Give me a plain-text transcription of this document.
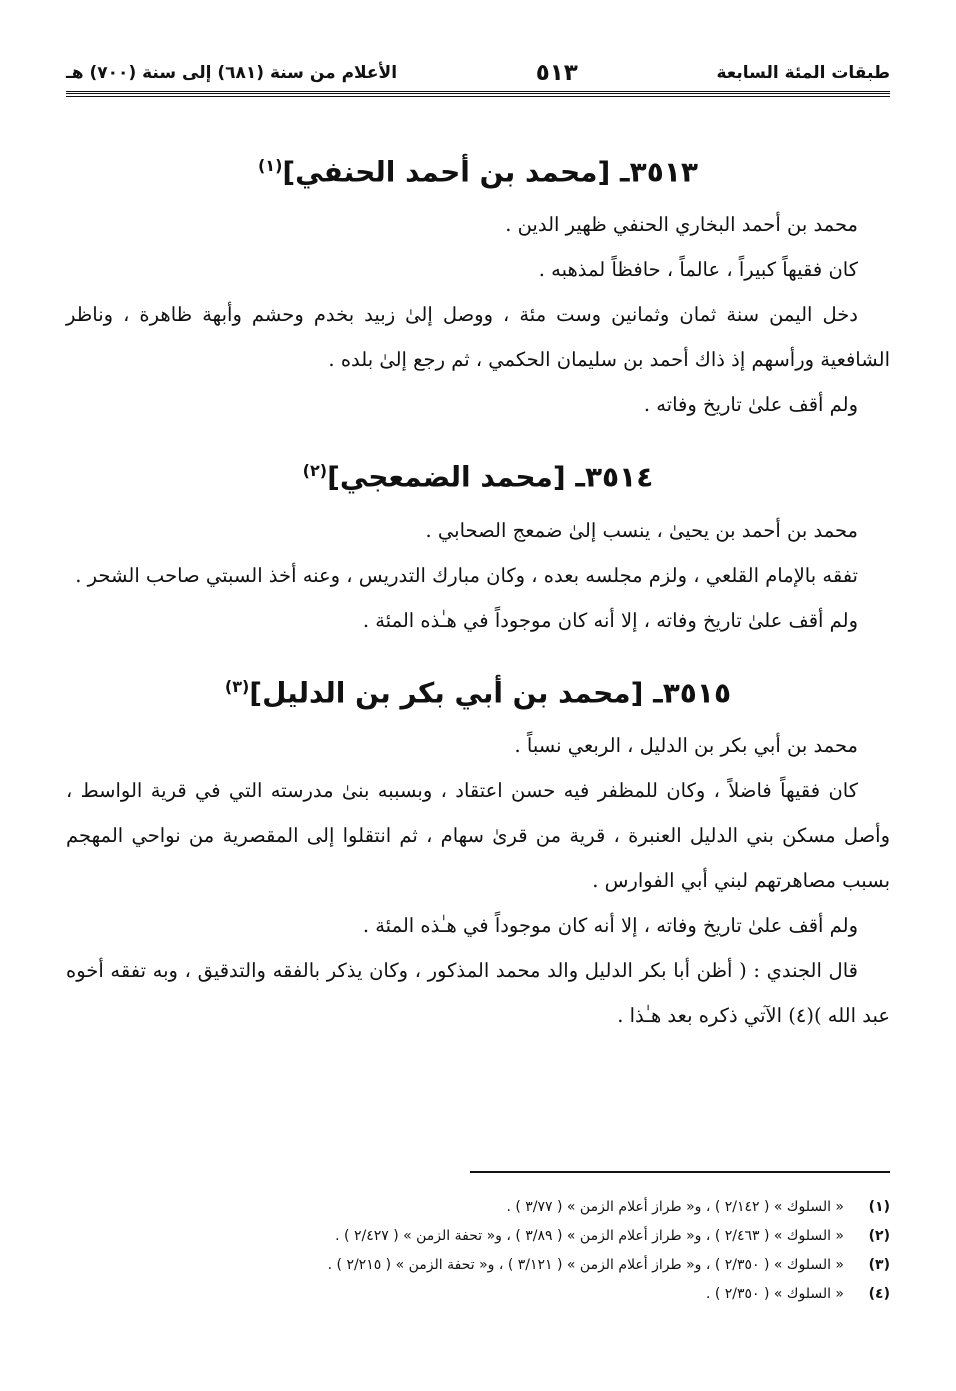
طبقات المئة السابعة
٥١٣
الأعلام من سنة (٦٨١) إلى سنة (٧٠٠) هـ
٣٥١٣ـ [محمد بن أحمد الحنفي]$^{(١)}$

محمد بن أحمد البخاري الحنفي ظهير الدين .

كان فقيهاً كبيراً ، عالماً ، حافظاً لمذهبه .

دخل اليمن سنة ثمان وثمانين وست مئة ، ووصل إلىٰ زبيد بخدم وحشم وأبهة ظاهرة ، وناظر الشافعية ورأسهم إذ ذاك أحمد بن سليمان الحكمي ، ثم رجع إلىٰ بلده .

ولم أقف علىٰ تاريخ وفاته .

٣٥١٤ـ [محمد الضمعجي]$^{(٢)}$

محمد بن أحمد بن يحيىٰ ، ينسب إلىٰ ضمعج الصحابي .

تفقه بالإمام القلعي ، ولزم مجلسه بعده ، وكان مبارك التدريس ، وعنه أخذ السبتي صاحب الشحر .

ولم أقف علىٰ تاريخ وفاته ، إلا أنه كان موجوداً في هـٰذه المئة .

٣٥١٥ـ [محمد بن أبي بكر بن الدليل]$^{(٣)}$

محمد بن أبي بكر بن الدليل ، الربعي نسباً .

كان فقيهاً فاضلاً ، وكان للمظفر فيه حسن اعتقاد ، وبسببه بنىٰ مدرسته التي في قرية الواسط ، وأصل مسكن بني الدليل العنبرة ، قرية من قرىٰ سهام ، ثم انتقلوا إلى المقصرية من نواحي المهجم بسبب مصاهرتهم لبني أبي الفوارس .

ولم أقف علىٰ تاريخ وفاته ، إلا أنه كان موجوداً في هـٰذه المئة .

قال الجندي : ( أظن أبا بكر الدليل والد محمد المذكور ، وكان يذكر بالفقه والتدقيق ، وبه تفقه أخوه عبد الله )(٤) الآتي ذكره بعد هـٰذا .

(١)
« السلوك » ( ٢/١٤٢ ) ، و« طراز أعلام الزمن » ( ٣/٧٧ ) .
(٢)
« السلوك » ( ٢/٤٦٣ ) ، و« طراز أعلام الزمن » ( ٣/٨٩ ) ، و« تحفة الزمن » ( ٢/٤٢٧ ) .
(٣)
« السلوك » ( ٢/٣٥٠ ) ، و« طراز أعلام الزمن » ( ٣/١٢١ ) ، و« تحفة الزمن » ( ٢/٢١٥ ) .
(٤)
« السلوك » ( ٢/٣٥٠ ) .
